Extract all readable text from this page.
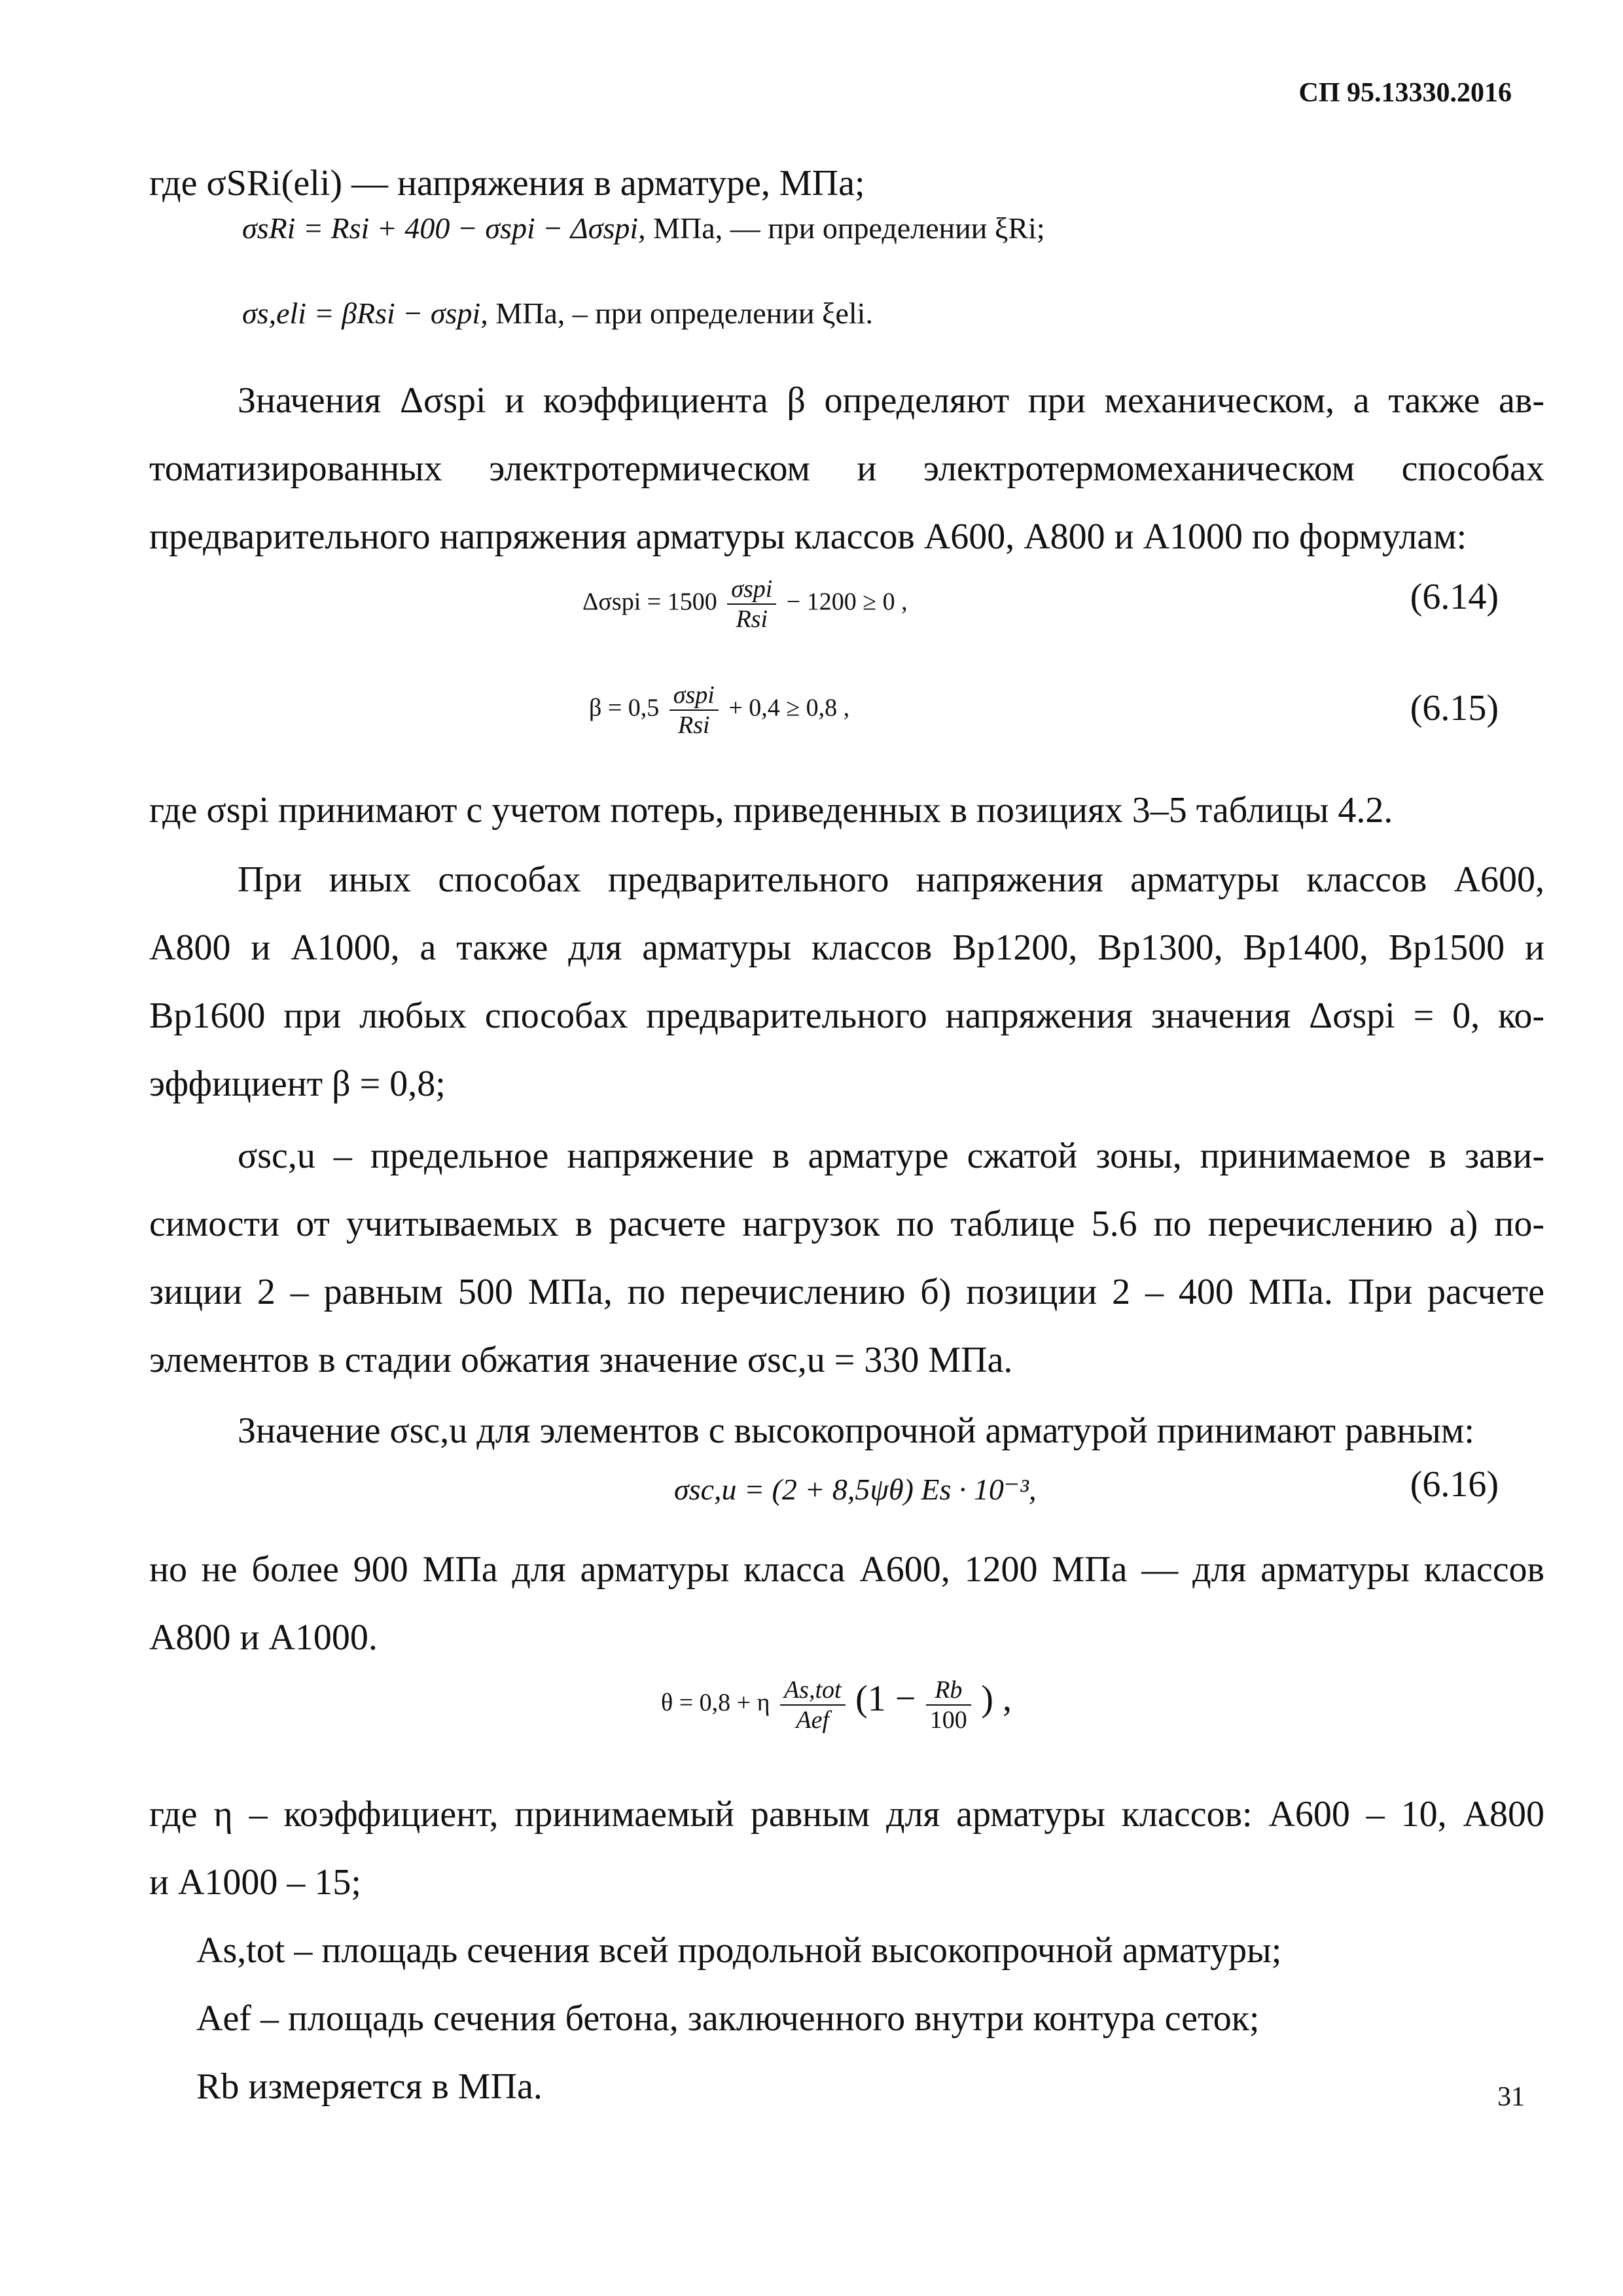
СП 95.13330.2016

где σSRi(eli) — напряжения в арматуре, МПа;

σsRi = Rsi + 400 − σspi − Δσspi, МПа, — при определении ξRi;
σs,eli = βRsi − σspi, МПа, – при определении ξeli.
Значения Δσspi и коэффициента β определяют при механическом, а также ав-
томатизированных электротермическом и электротермомеханическом способах
предварительного напряжения арматуры классов А600, А800 и А1000 по формулам:
$\Delta\sigma spi = 1500 \frac{\text{σspi}}{\text{Rsi}} - 1200 \ge 0$ ,	(6.14)
$\beta = 0,5 \frac{\text{σspi}}{\text{Rsi}} + 0,4 \ge 0,8$ ,	(6.15)
где σspi принимают с учетом потерь, приведенных в позициях 3–5 таблицы 4.2.
При иных способах предварительного напряжения арматуры классов А600,
А800 и А1000, а также для арматуры классов Вр1200, Вр1300, Вр1400, Вр1500 и
Вр1600 при любых способах предварительного напряжения значения Δσspi = 0, ко-
эффициент β = 0,8;
σsc,u – предельное напряжение в арматуре сжатой зоны, принимаемое в зави-
симости от учитываемых в расчете нагрузок по таблице 5.6 по перечислению а) по-
зиции 2 – равным 500 МПа, по перечислению б) позиции 2 – 400 МПа. При расчете
элементов в стадии обжатия значение σsc,u = 330 МПа.
Значение σsc,u для элементов с высокопрочной арматурой принимают равным:
σsc,u = (2 + 8,5ψθ) Es · 10⁻³,	(6.16)
но не более 900 МПа для арматуры класса А600, 1200 МПа — для арматуры классов
А800 и А1000.
θ = 0,8 + η $\frac{\text{As,tot}}{\text{Aef}} (1 - \frac{Rb}{100}$ ) ,
где η – коэффициент, принимаемый равным для арматуры классов: А600 – 10, А800
и А1000 – 15;
As,tot – площадь сечения всей продольной высокопрочной арматуры;
Aef – площадь сечения бетона, заключенного внутри контура сеток;
Rb измеряется в МПа.	31
